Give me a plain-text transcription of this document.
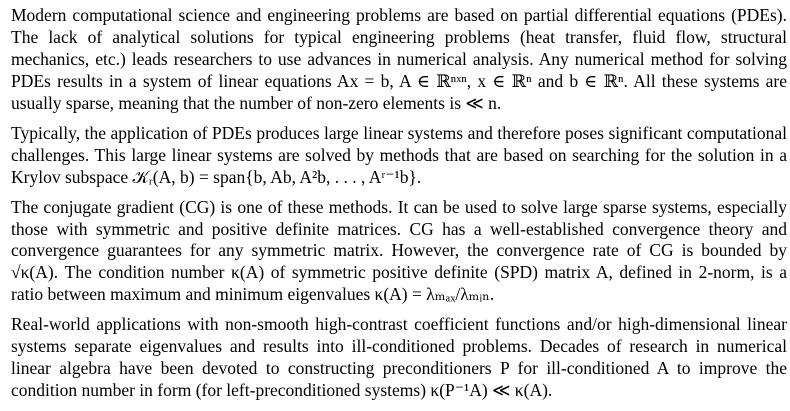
Modern computational science and engineering problems are based on partial differential equations (PDEs). The lack of analytical solutions for typical engineering problems (heat transfer, fluid flow, structural mechanics, etc.) leads researchers to use advances in numerical analysis. Any numerical method for solving PDEs results in a system of linear equations Ax = b, A ∈ ℝⁿˣⁿ, x ∈ ℝⁿ and b ∈ ℝⁿ. All these systems are usually sparse, meaning that the number of non-zero elements is ≪ n.

Typically, the application of PDEs produces large linear systems and therefore poses significant computational challenges. This large linear systems are solved by methods that are based on searching for the solution in a Krylov subspace 𝒦ᵣ(A, b) = span{b, Ab, A²b, . . . , Aʳ⁻¹b}.

The conjugate gradient (CG) is one of these methods. It can be used to solve large sparse systems, especially those with symmetric and positive definite matrices. CG has a well-established convergence theory and convergence guarantees for any symmetric matrix. However, the convergence rate of CG is bounded by √κ(A). The condition number κ(A) of symmetric positive definite (SPD) matrix A, defined in 2-norm, is a ratio between maximum and minimum eigenvalues κ(A) = λₘₐₓ/λₘᵢₙ.

Real-world applications with non-smooth high-contrast coefficient functions and/or high-dimensional linear systems separate eigenvalues and results into ill-conditioned problems. Decades of research in numerical linear algebra have been devoted to constructing preconditioners P for ill-conditioned A to improve the condition number in form (for left-preconditioned systems) κ(P⁻¹A) ≪ κ(A).
